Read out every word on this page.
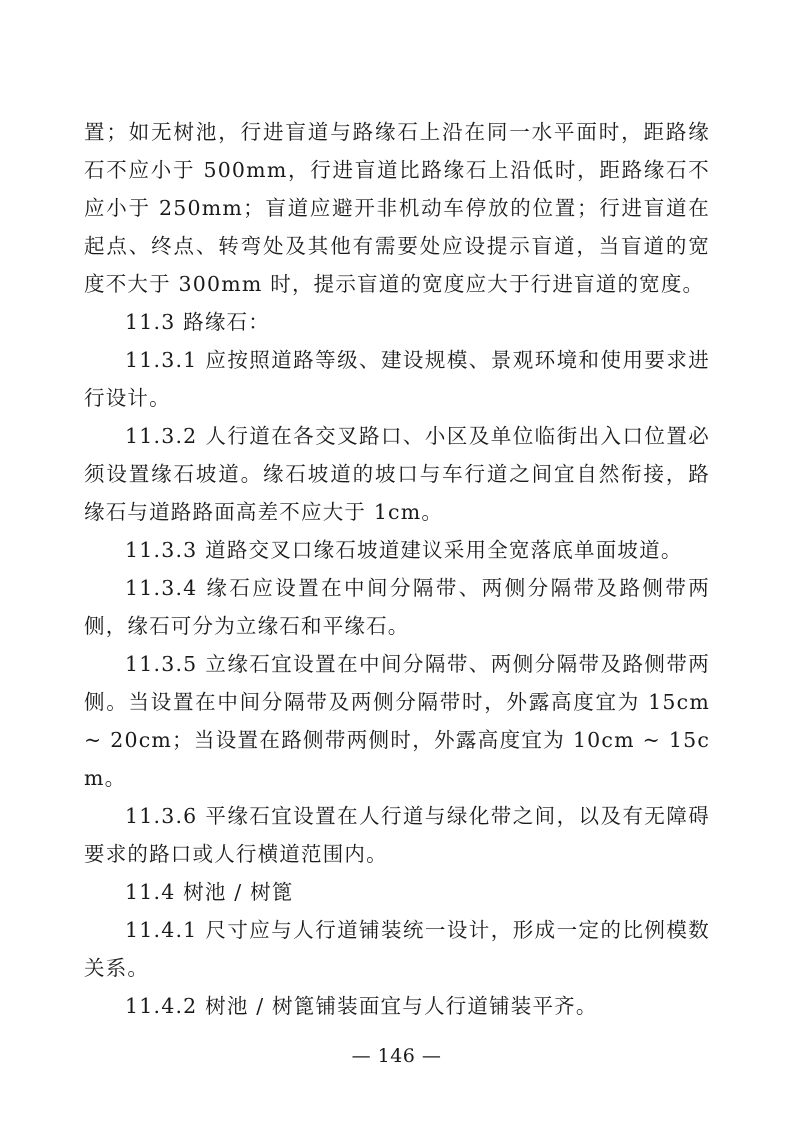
置；如无树池，行进盲道与路缘石上沿在同一水平面时，距路缘石不应小于 500mm，行进盲道比路缘石上沿低时，距路缘石不应小于 250mm；盲道应避开非机动车停放的位置；行进盲道在起点、终点、转弯处及其他有需要处应设提示盲道，当盲道的宽度不大于 300mm 时，提示盲道的宽度应大于行进盲道的宽度。

11.3 路缘石：

11.3.1 应按照道路等级、建设规模、景观环境和使用要求进行设计。

11.3.2 人行道在各交叉路口、小区及单位临街出入口位置必须设置缘石坡道。缘石坡道的坡口与车行道之间宜自然衔接，路缘石与道路路面高差不应大于 1cm。

11.3.3 道路交叉口缘石坡道建议采用全宽落底单面坡道。

11.3.4 缘石应设置在中间分隔带、两侧分隔带及路侧带两侧，缘石可分为立缘石和平缘石。

11.3.5 立缘石宜设置在中间分隔带、两侧分隔带及路侧带两侧。当设置在中间分隔带及两侧分隔带时，外露高度宜为 15cm ~ 20cm；当设置在路侧带两侧时，外露高度宜为 10cm ~ 15cm。

11.3.6 平缘石宜设置在人行道与绿化带之间，以及有无障碍要求的路口或人行横道范围内。

11.4 树池 / 树篦

11.4.1 尺寸应与人行道铺装统一设计，形成一定的比例模数关系。

11.4.2 树池 / 树篦铺装面宜与人行道铺装平齐。

— 146 —
